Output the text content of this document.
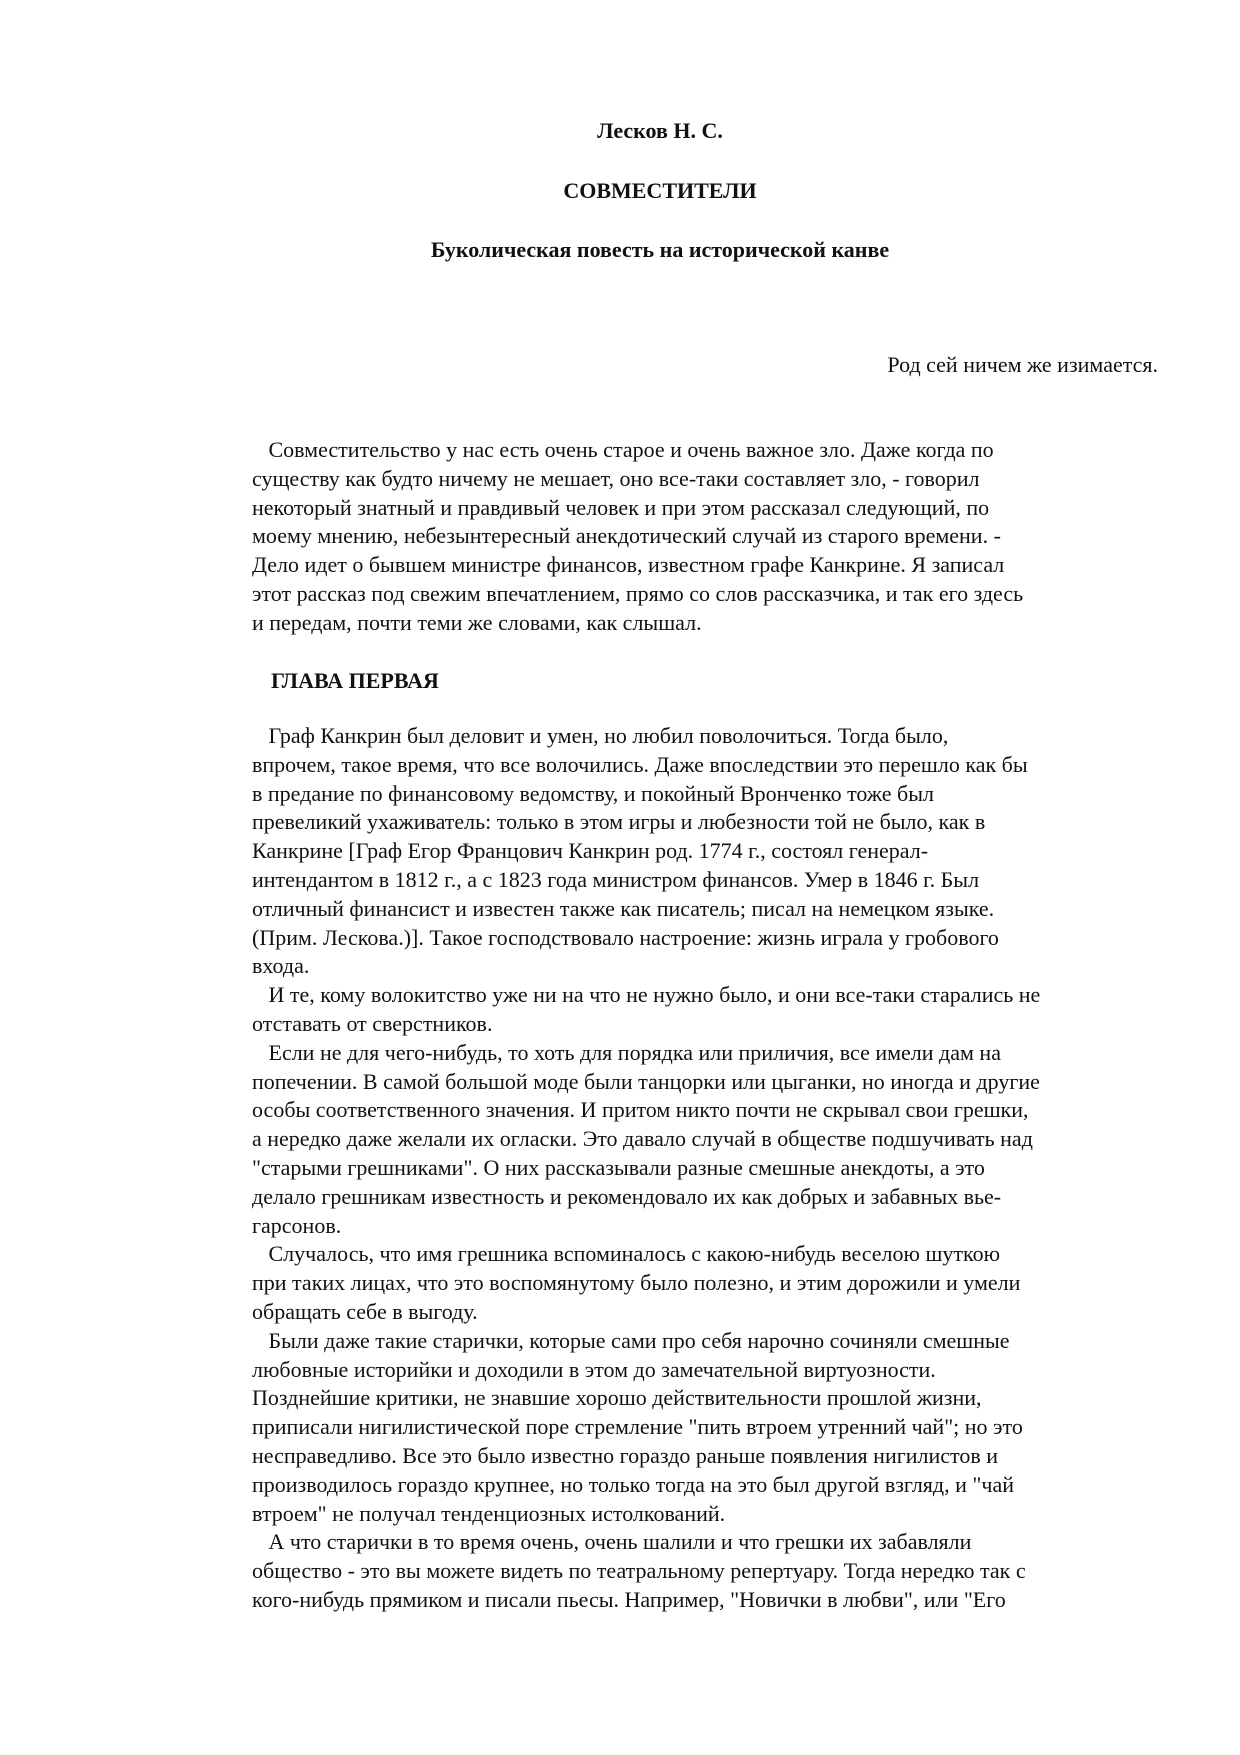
Лесков Н. С.
СОВМЕСТИТЕЛИ
Буколическая повесть на исторической канве
Род сей ничем же изимается.
Совместительство у нас есть очень старое и очень важное зло. Даже когда по
существу как будто ничему не мешает, оно все-таки составляет зло, - говорил
некоторый знатный и правдивый человек и при этом рассказал следующий, по
моему мнению, небезынтересный анекдотический случай из старого времени. -
Дело идет о бывшем министре финансов, известном графе Канкрине. Я записал
этот рассказ под свежим впечатлением, прямо со слов рассказчика, и так его здесь
и передам, почти теми же словами, как слышал.
ГЛАВА ПЕРВАЯ
Граф Канкрин был деловит и умен, но любил поволочиться. Тогда было,
впрочем, такое время, что все волочились. Даже впоследствии это перешло как бы
в предание по финансовому ведомству, и покойный Вронченко тоже был
превеликий ухаживатель: только в этом игры и любезности той не было, как в
Канкрине [Граф Егор Францович Канкрин род. 1774 г., состоял генерал-
интендантом в 1812 г., а с 1823 года министром финансов. Умер в 1846 г. Был
отличный финансист и известен также как писатель; писал на немецком языке.
(Прим. Лескова.)]. Такое господствовало настроение: жизнь играла у гробового
входа.
И те, кому волокитство уже ни на что не нужно было, и они все-таки старались не
отставать от сверстников.
Если не для чего-нибудь, то хоть для порядка или приличия, все имели дам на
попечении. В самой большой моде были танцорки или цыганки, но иногда и другие
особы соответственного значения. И притом никто почти не скрывал свои грешки,
а нередко даже желали их огласки. Это давало случай в обществе подшучивать над
"старыми грешниками". О них рассказывали разные смешные анекдоты, а это
делало грешникам известность и рекомендовало их как добрых и забавных вье-
гарсонов.
Случалось, что имя грешника вспоминалось с какою-нибудь веселою шуткою
при таких лицах, что это воспомянутому было полезно, и этим дорожили и умели
обращать себе в выгоду.
Были даже такие старички, которые сами про себя нарочно сочиняли смешные
любовные историйки и доходили в этом до замечательной виртуозности.
Позднейшие критики, не знавшие хорошо действительности прошлой жизни,
приписали нигилистической поре стремление "пить втроем утренний чай"; но это
несправедливо. Все это было известно гораздо раньше появления нигилистов и
производилось гораздо крупнее, но только тогда на это был другой взгляд, и "чай
втроем" не получал тенденциозных истолкований.
А что старички в то время очень, очень шалили и что грешки их забавляли
общество - это вы можете видеть по театральному репертуару. Тогда нередко так с
кого-нибудь прямиком и писали пьесы. Например, "Новички в любви", или "Его
